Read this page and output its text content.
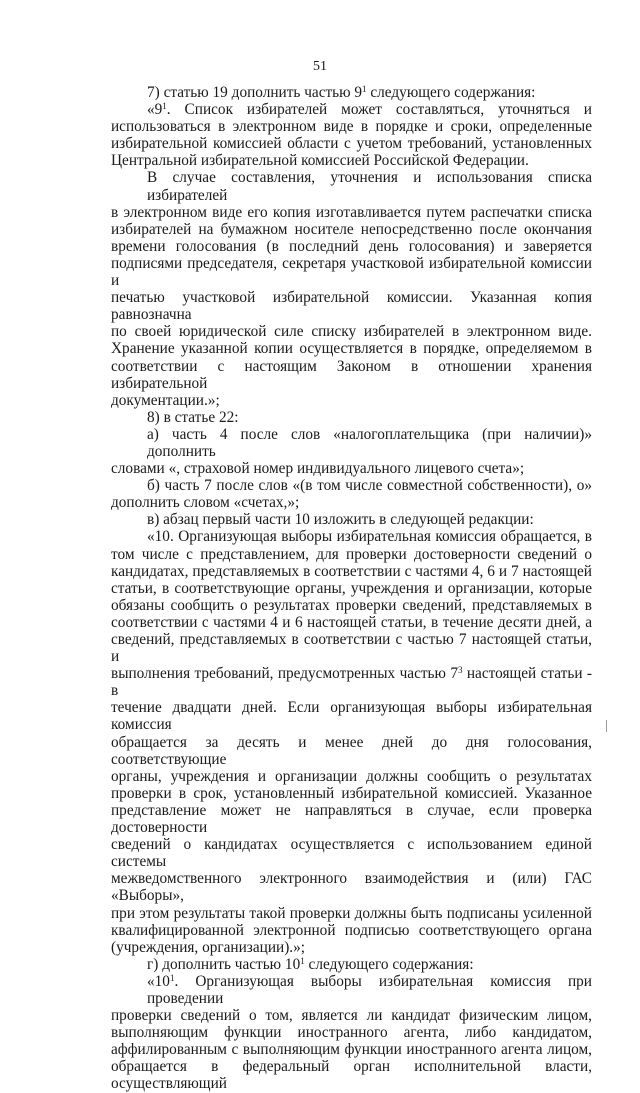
51
7) статью 19 дополнить частью $9^1$ следующего содержания:
«$9^1$. Список избирателей может составляться, уточняться и
использоваться в электронном виде в порядке и сроки, определенные
избирательной комиссией области с учетом требований, установленных
Центральной избирательной комиссией Российской Федерации.
В случае составления, уточнения и использования списка избирателей
в электронном виде его копия изготавливается путем распечатки списка
избирателей на бумажном носителе непосредственно после окончания
времени голосования (в последний день голосования) и заверяется
подписями председателя, секретаря участковой избирательной комиссии и
печатью участковой избирательной комиссии. Указанная копия равнозначна
по своей юридической силе списку избирателей в электронном виде.
Хранение указанной копии осуществляется в порядке, определяемом в
соответствии с настоящим Законом в отношении хранения избирательной
документации.»;
8) в статье 22:
а) часть 4 после слов «налогоплательщика (при наличии)» дополнить
словами «, страховой номер индивидуального лицевого счета»;
б) часть 7 после слов «(в том числе совместной собственности), о»
дополнить словом «счетах,»;
в) абзац первый части 10 изложить в следующей редакции:
«10. Организующая выборы избирательная комиссия обращается, в
том числе с представлением, для проверки достоверности сведений о
кандидатах, представляемых в соответствии с частями 4, 6 и 7 настоящей
статьи, в соответствующие органы, учреждения и организации, которые
обязаны сообщить о результатах проверки сведений, представляемых в
соответствии с частями 4 и 6 настоящей статьи, в течение десяти дней, а
сведений, представляемых в соответствии с частью 7 настоящей статьи, и
выполнения требований, предусмотренных частью $7^3$ настоящей статьи - в
течение двадцати дней. Если организующая выборы избирательная комиссия
обращается за десять и менее дней до дня голосования, соответствующие
органы, учреждения и организации должны сообщить о результатах
проверки в срок, установленный избирательной комиссией. Указанное
представление может не направляться в случае, если проверка достоверности
сведений о кандидатах осуществляется с использованием единой системы
межведомственного электронного взаимодействия и (или) ГАС «Выборы»,
при этом результаты такой проверки должны быть подписаны усиленной
квалифицированной электронной подписью соответствующего органа
(учреждения, организации).»;
г) дополнить частью $10^1$ следующего содержания:
«$10^1$. Организующая выборы избирательная комиссия при проведении
проверки сведений о том, является ли кандидат физическим лицом,
выполняющим функции иностранного агента, либо кандидатом,
аффилированным с выполняющим функции иностранного агента лицом,
обращается в федеральный орган исполнительной власти, осуществляющий
